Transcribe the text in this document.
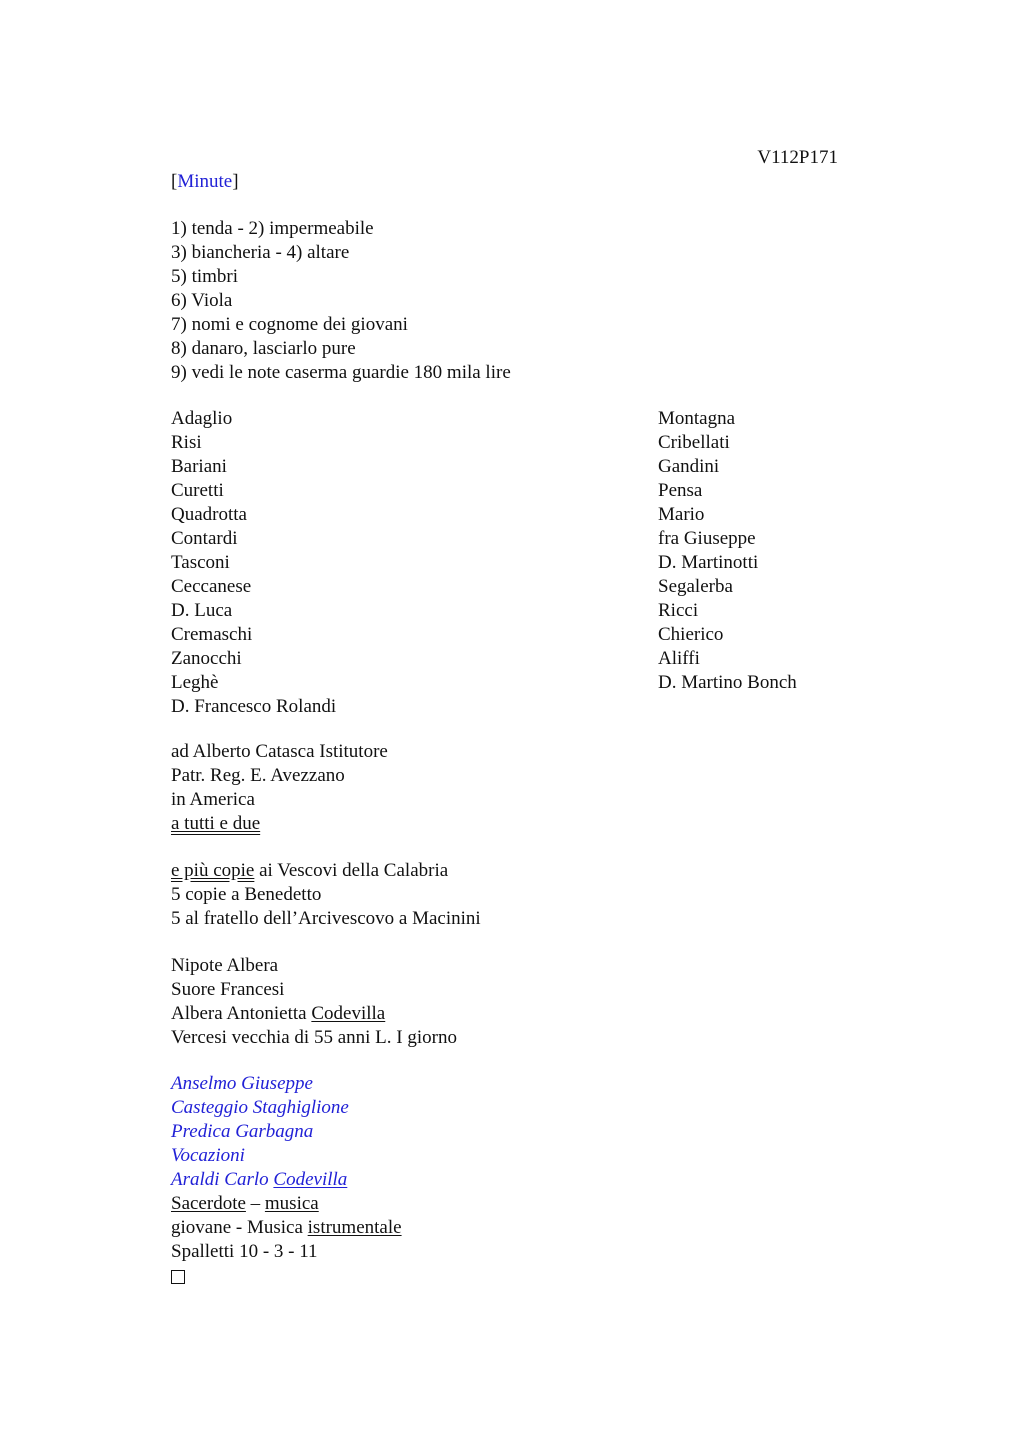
V112P171
[Minute]
1) tenda - 2) impermeabile
3) biancheria - 4) altare
5) timbri
6) Viola
7) nomi e cognome dei giovani
8) danaro, lasciarlo pure
9) vedi le note caserma guardie 180 mila lire
Adaglio
Risi
Bariani
Curetti
Quadrotta
Contardi
Tasconi
Ceccanese
D. Luca
Cremaschi
Zanocchi
Leghè
D. Francesco Rolandi
Montagna
Cribellati
Gandini
Pensa
Mario
fra Giuseppe
D. Martinotti
Segalerba
Ricci
Chierico
Aliffi
D. Martino Bonch
ad Alberto Catasca Istitutore
Patr. Reg. E. Avezzano
in America
a tutti e due
e più copie ai Vescovi della Calabria
5 copie a Benedetto
5 al fratello dell’Arcivescovo a Macinini
Nipote Albera
Suore Francesi
Albera Antonietta Codevilla
Vercesi vecchia di 55 anni L. I giorno
Anselmo Giuseppe
Casteggio Staghiglione
Predica Garbagna
Vocazioni
Araldi Carlo Codevilla
Sacerdote – musica
giovane - Musica istrumentale
Spalletti 10 - 3 - 11
